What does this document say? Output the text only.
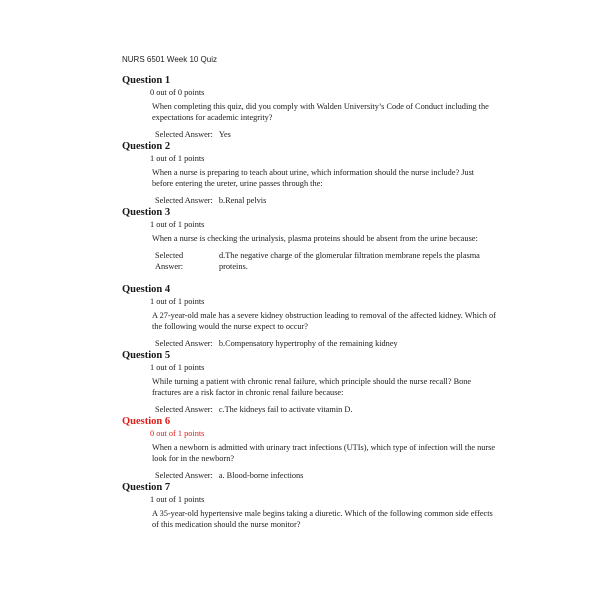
NURS 6501 Week 10 Quiz
Question 1
0 out of 0 points
When completing this quiz, did you comply with Walden University’s Code of Conduct including the expectations for academic integrity?
Selected Answer: Yes
Question 2
1 out of 1 points
When a nurse is preparing to teach about urine, which information should the nurse include? Just before entering the ureter, urine passes through the:
Selected Answer: b.Renal pelvis
Question 3
1 out of 1 points
When a nurse is checking the urinalysis, plasma proteins should be absent from the urine because:
Selected Answer:
d.The negative charge of the glomerular filtration membrane repels the plasma proteins.
Question 4
1 out of 1 points
A 27-year-old male has a severe kidney obstruction leading to removal of the affected kidney. Which of the following would the nurse expect to occur?
Selected Answer: b.Compensatory hypertrophy of the remaining kidney
Question 5
1 out of 1 points
While turning a patient with chronic renal failure, which principle should the nurse recall? Bone fractures are a risk factor in chronic renal failure because:
Selected Answer: c.The kidneys fail to activate vitamin D.
Question 6
0 out of 1 points
When a newborn is admitted with urinary tract infections (UTIs), which type of infection will the nurse look for in the newborn?
Selected Answer: a. Blood-borne infections
Question 7
1 out of 1 points
A 35-year-old hypertensive male begins taking a diuretic. Which of the following common side effects of this medication should the nurse monitor?
